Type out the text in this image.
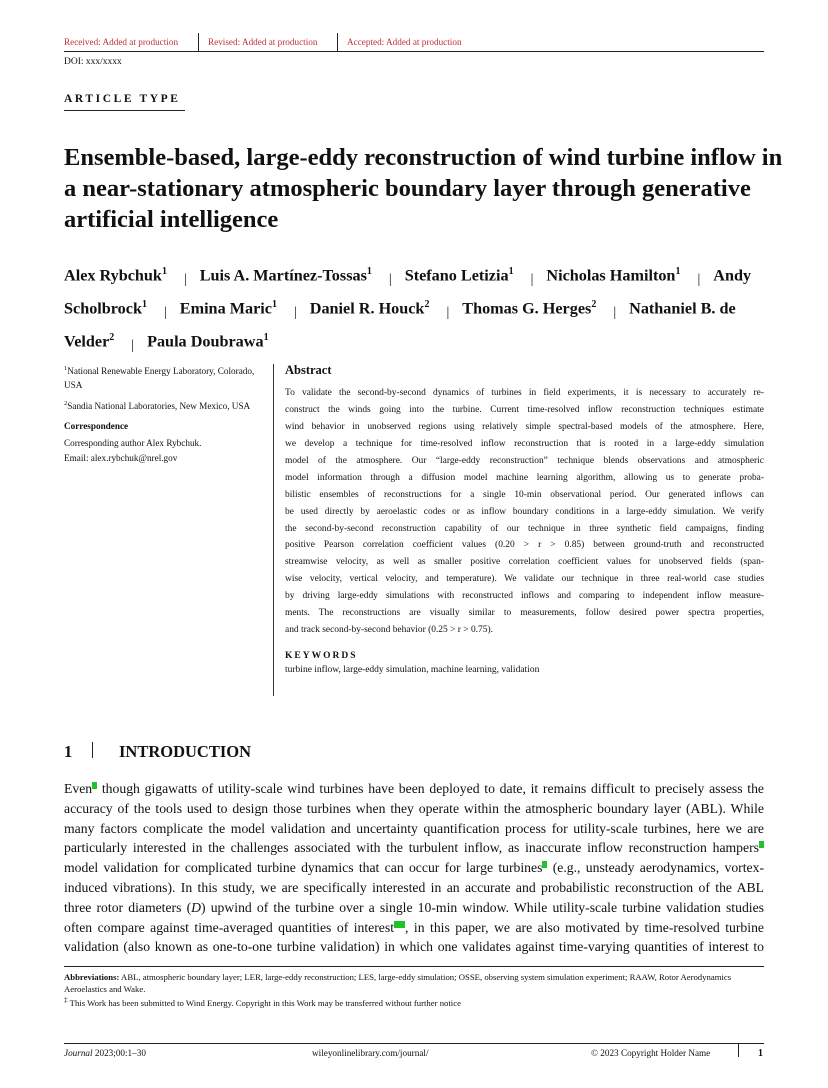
Received: Added at production	Revised: Added at production	Accepted: Added at production
DOI: xxx/xxxx
ARTICLE TYPE
Ensemble-based, large-eddy reconstruction of wind turbine inflow in a near-stationary atmospheric boundary layer through generative artificial intelligence
Alex Rybchuk$^1$| Luis A. Martínez-Tossas$^1$| Stefano Letizia$^1$| Nicholas Hamilton$^1$| Andy Scholbrock$^1$| Emina Maric$^1$| Daniel R. Houck$^2$| Thomas G. Herges$^2$| Nathaniel B. de Velder$^2$| Paula Doubrawa$^1$

$^1$National Renewable Energy Laboratory, Colorado, USA

$^2$Sandia National Laboratories, New Mexico, USA

Correspondence
Corresponding author Alex Rybchuk.
Email: alex.rybchuk@nrel.gov
Abstract
To validate the second-by-second dynamics of turbines in field experiments, it is necessary to accurately re-
construct the winds going into the turbine. Current time-resolved inflow reconstruction techniques estimate
wind behavior in unobserved regions using relatively simple spectral-based models of the atmosphere. Here,
we develop a technique for time-resolved inflow reconstruction that is rooted in a large-eddy simulation
model of the atmosphere. Our “large-eddy reconstruction” technique blends observations and atmospheric
model information through a diffusion model machine learning algorithm, allowing us to generate proba-
bilistic ensembles of reconstructions for a single 10-min observational period. Our generated inflows can
be used directly by aeroelastic codes or as inflow boundary conditions in a large-eddy simulation. We verify
the second-by-second reconstruction capability of our technique in three synthetic field campaigns, finding
positive Pearson correlation coefficient values (0.20 > r > 0.85) between ground-truth and reconstructed
streamwise velocity, as well as smaller positive correlation coefficient values for unobserved fields (span-
wise velocity, vertical velocity, and temperature). We validate our technique in three real-world case studies
by driving large-eddy simulations with reconstructed inflows and comparing to independent inflow measure-
ments. The reconstructions are visually similar to measurements, follow desired power spectra properties,
and track second-by-second behavior (0.25 > r > 0.75).
KEYWORDS
turbine inflow, large-eddy simulation, machine learning, validation
1	INTRODUCTION
Even0 though gigawatts of utility-scale wind turbines have been deployed to date, it remains difficult to precisely assess the
accuracy of the tools used to design those turbines when they operate within the atmospheric boundary layer (ABL). While
many factors complicate the model validation and uncertainty quantification process for utility-scale turbines, here we are
particularly interested in the challenges associated with the turbulent inflow, as inaccurate inflow reconstruction hampers0
model validation for complicated turbine dynamics that can occur for large turbines0 (e.g., unsteady aerodynamics, vortex-
induced vibrations). In this study, we are specifically interested in an accurate and probabilistic reconstruction of the ABL
three rotor diameters (D) upwind of the turbine over a single 10-min window. While utility-scale turbine validation studies
often compare against time-averaged quantities of interest000, in this paper, we are also motivated by time-resolved turbine
validation (also known as one-to-one turbine validation) in which one validates against time-varying quantities of interest to

Abbreviations: ABL, atmospheric boundary layer; LER, large-eddy reconstruction; LES, large-eddy simulation; OSSE, observing system simulation experiment; RAAW, Rotor Aerodynamics Aeroelastics and Wake.

‡ This Work has been submitted to Wind Energy. Copyright in this Work may be transferred without further notice

Journal 2023;00:1–30	wileyonlinelibrary.com/journal/	© 2023 Copyright Holder Name	1
